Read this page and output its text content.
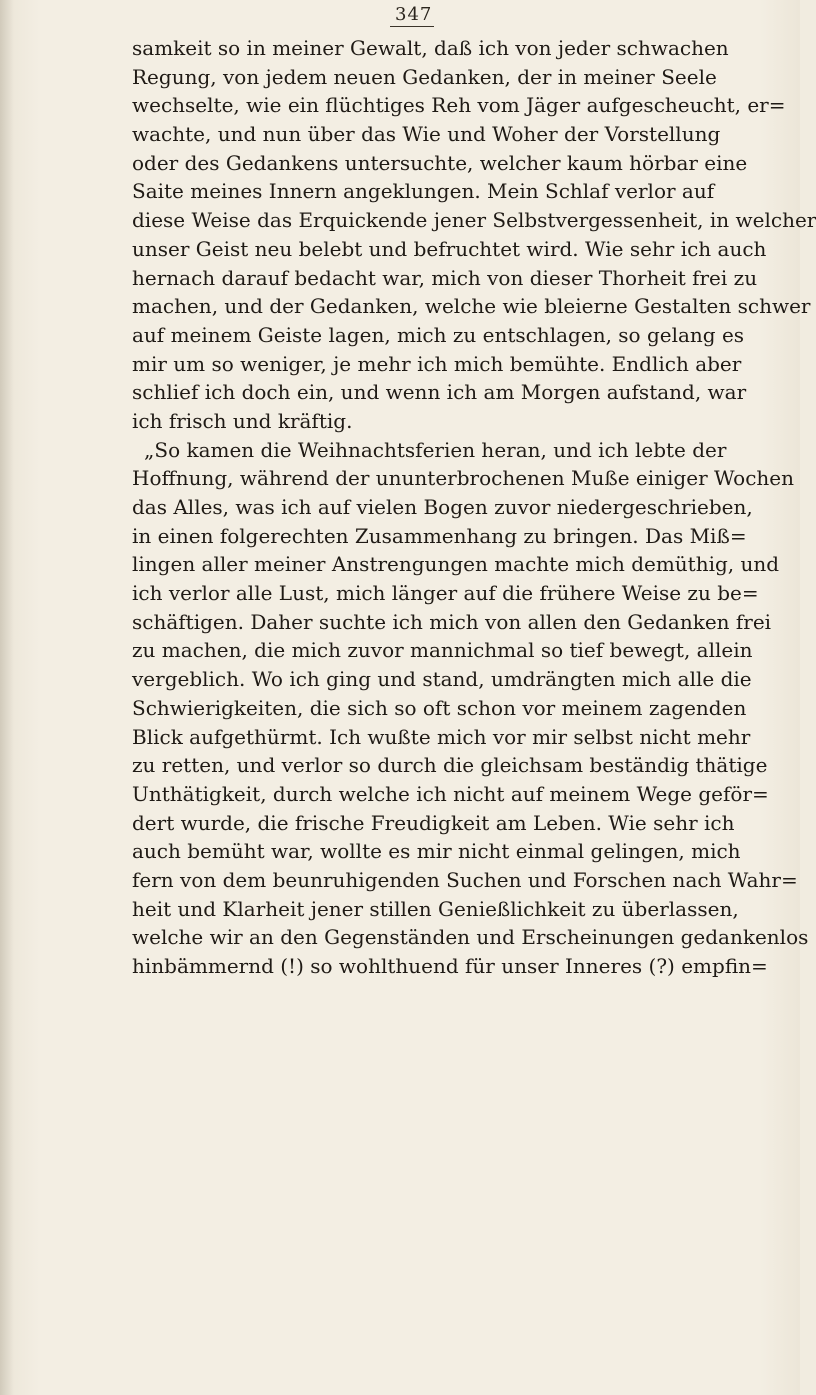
347
samkeit so in meiner Gewalt, daß ich von jeder schwachen
Regung, von jedem neuen Gedanken, der in meiner Seele
wechselte, wie ein flüchtiges Reh vom Jäger aufgescheucht, er=
wachte, und nun über das Wie und Woher der Vorstellung
oder des Gedankens untersuchte, welcher kaum hörbar eine
Saite meines Innern angeklungen. Mein Schlaf verlor auf
diese Weise das Erquickende jener Selbstvergessenheit, in welcher
unser Geist neu belebt und befruchtet wird. Wie sehr ich auch
hernach darauf bedacht war, mich von dieser Thorheit frei zu
machen, und der Gedanken, welche wie bleierne Gestalten schwer
auf meinem Geiste lagen, mich zu entschlagen, so gelang es
mir um so weniger, je mehr ich mich bemühte. Endlich aber
schlief ich doch ein, und wenn ich am Morgen aufstand, war
ich frisch und kräftig.
„So kamen die Weihnachtsferien heran, und ich lebte der
Hoffnung, während der ununterbrochenen Muße einiger Wochen
das Alles, was ich auf vielen Bogen zuvor niedergeschrieben,
in einen folgerechten Zusammenhang zu bringen. Das Miß=
lingen aller meiner Anstrengungen machte mich demüthig, und
ich verlor alle Lust, mich länger auf die frühere Weise zu be=
schäftigen. Daher suchte ich mich von allen den Gedanken frei
zu machen, die mich zuvor mannichmal so tief bewegt, allein
vergeblich. Wo ich ging und stand, umdrängten mich alle die
Schwierigkeiten, die sich so oft schon vor meinem zagenden
Blick aufgethürmt. Ich wußte mich vor mir selbst nicht mehr
zu retten, und verlor so durch die gleichsam beständig thätige
Unthätigkeit, durch welche ich nicht auf meinem Wege geför=
dert wurde, die frische Freudigkeit am Leben. Wie sehr ich
auch bemüht war, wollte es mir nicht einmal gelingen, mich
fern von dem beunruhigenden Suchen und Forschen nach Wahr=
heit und Klarheit jener stillen Genießlichkeit zu überlassen,
welche wir an den Gegenständen und Erscheinungen gedankenlos
hinbämmernd (!) so wohlthuend für unser Inneres (?) empfin=
